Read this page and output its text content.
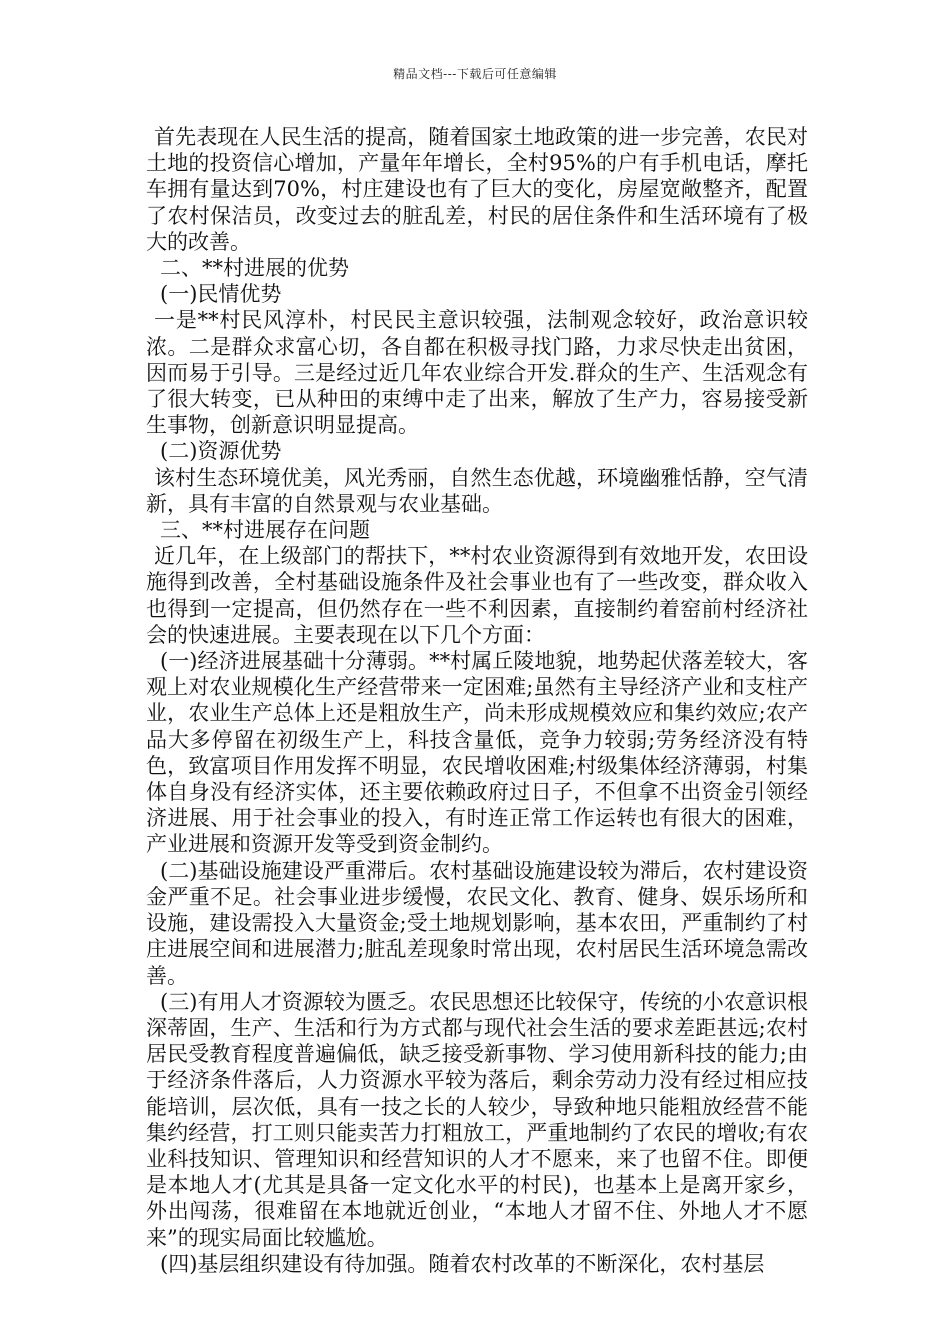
精品文档---下载后可任意编辑

首先表现在人民生活的提高，随着国家土地政策的进一步完善，农民对土地的投资信心增加，产量年年增长，全村95%的户有手机电话，摩托车拥有量达到70%，村庄建设也有了巨大的变化，房屋宽敞整齐，配置了农村保洁员，改变过去的脏乱差，村民的居住条件和生活环境有了极大的改善。

二、**村进展的优势

(一)民情优势

一是**村民风淳朴，村民民主意识较强，法制观念较好，政治意识较浓。二是群众求富心切，各自都在积极寻找门路，力求尽快走出贫困，因而易于引导。三是经过近几年农业综合开发.群众的生产、生活观念有了很大转变，已从种田的束缚中走了出来，解放了生产力，容易接受新生事物，创新意识明显提高。

(二)资源优势

该村生态环境优美，风光秀丽，自然生态优越，环境幽雅恬静，空气清新，具有丰富的自然景观与农业基础。

三、**村进展存在问题

近几年，在上级部门的帮扶下，**村农业资源得到有效地开发，农田设施得到改善，全村基础设施条件及社会事业也有了一些改变，群众收入也得到一定提高，但仍然存在一些不利因素，直接制约着窑前村经济社会的快速进展。主要表现在以下几个方面：

(一)经济进展基础十分薄弱。**村属丘陵地貌，地势起伏落差较大，客观上对农业规模化生产经营带来一定困难;虽然有主导经济产业和支柱产业，农业生产总体上还是粗放生产，尚未形成规模效应和集约效应;农产品大多停留在初级生产上，科技含量低，竞争力较弱;劳务经济没有特色，致富项目作用发挥不明显，农民增收困难;村级集体经济薄弱，村集体自身没有经济实体，还主要依赖政府过日子，不但拿不出资金引领经济进展、用于社会事业的投入，有时连正常工作运转也有很大的困难，产业进展和资源开发等受到资金制约。

(二)基础设施建设严重滞后。农村基础设施建设较为滞后，农村建设资金严重不足。社会事业进步缓慢，农民文化、教育、健身、娱乐场所和设施，建设需投入大量资金;受土地规划影响，基本农田，严重制约了村庄进展空间和进展潜力;脏乱差现象时常出现，农村居民生活环境急需改善。

(三)有用人才资源较为匮乏。农民思想还比较保守，传统的小农意识根深蒂固，生产、生活和行为方式都与现代社会生活的要求差距甚远;农村居民受教育程度普遍偏低，缺乏接受新事物、学习使用新科技的能力;由于经济条件落后，人力资源水平较为落后，剩余劳动力没有经过相应技能培训，层次低，具有一技之长的人较少，导致种地只能粗放经营不能集约经营，打工则只能卖苦力打粗放工，严重地制约了农民的增收;有农业科技知识、管理知识和经营知识的人才不愿来，来了也留不住。即便是本地人才(尤其是具备一定文化水平的村民)，也基本上是离开家乡，外出闯荡，很难留在本地就近创业，“本地人才留不住、外地人才不愿来”的现实局面比较尴尬。

(四)基层组织建设有待加强。随着农村改革的不断深化，农村基层
